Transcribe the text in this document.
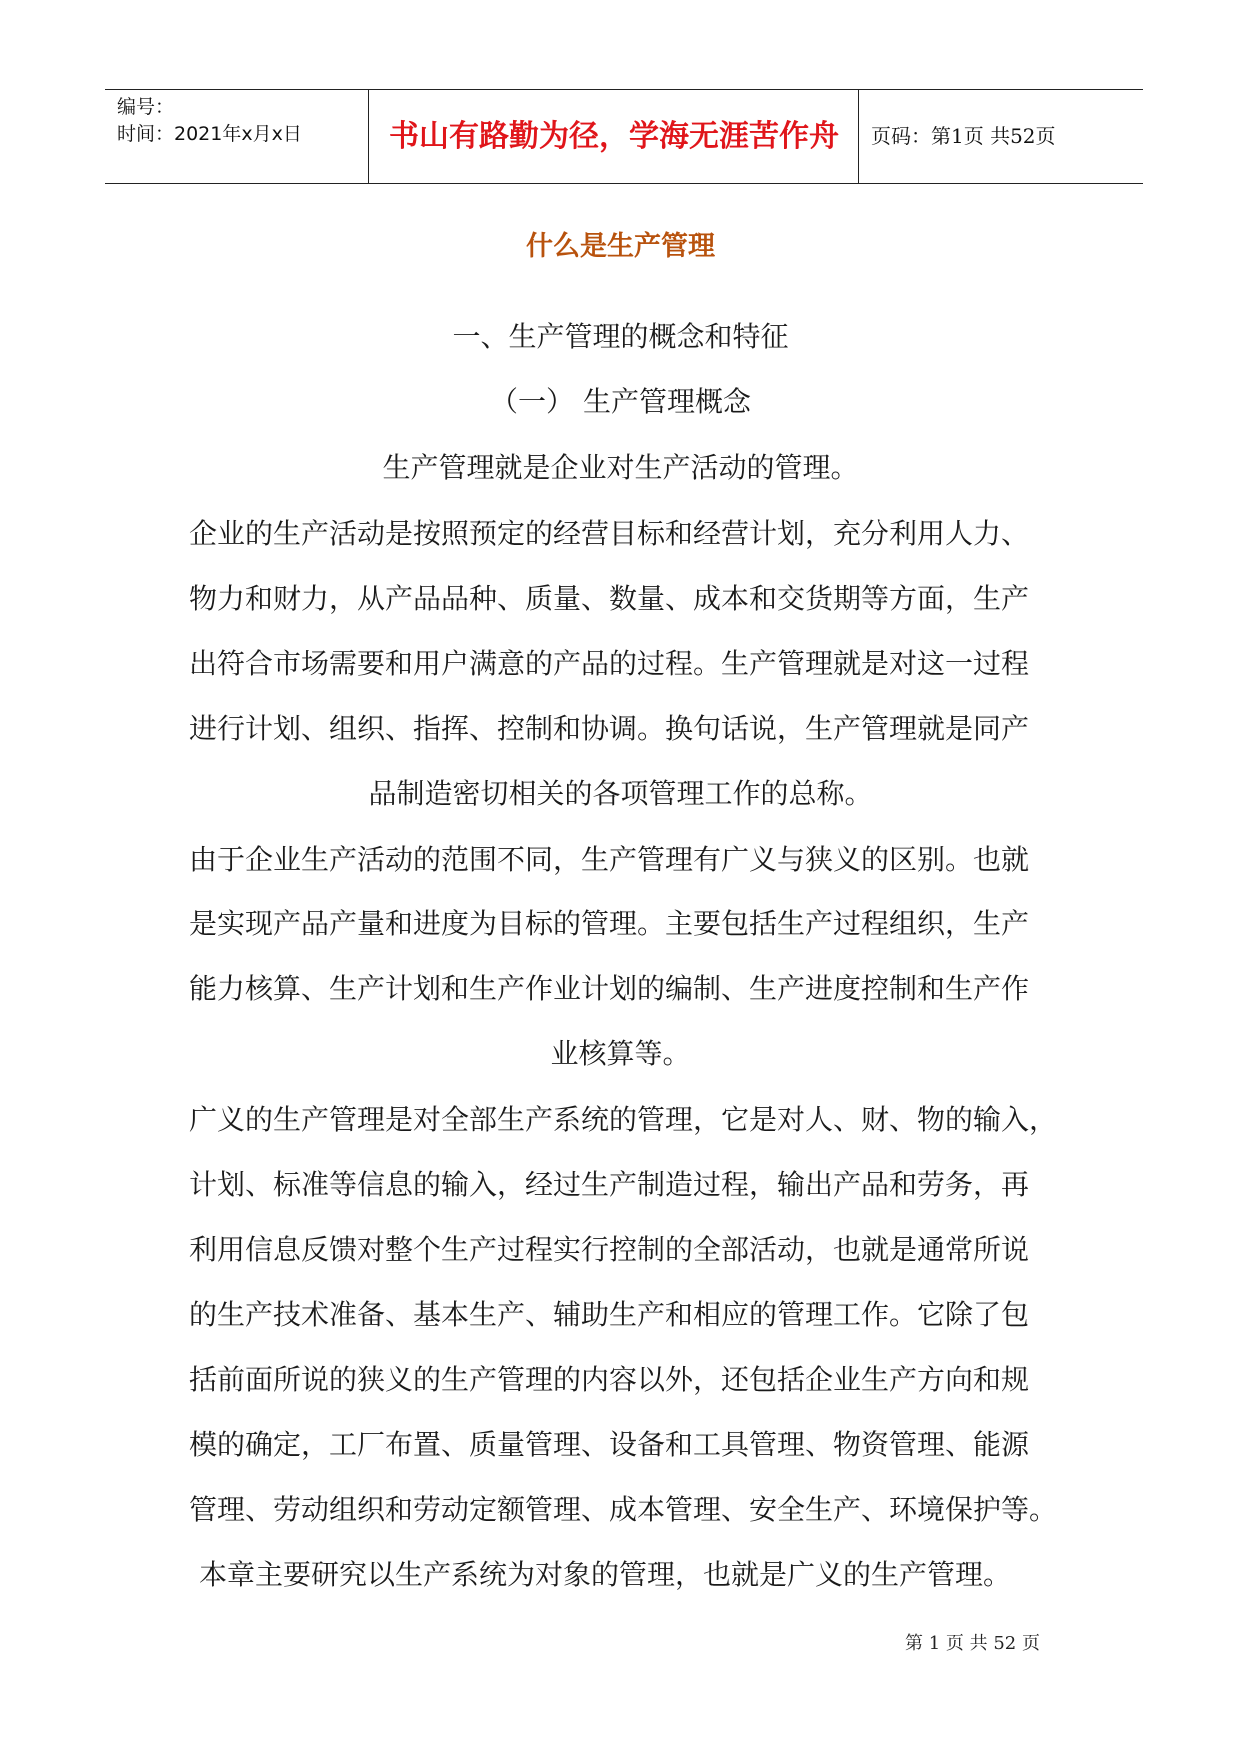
编号：
时间：2021年x月x日	书山有路勤为径，学海无涯苦作舟	页码：第1页 共52页
什么是生产管理
一、生产管理的概念和特征
（一） 生产管理概念
生产管理就是企业对生产活动的管理。
企业的生产活动是按照预定的经营目标和经营计划，充分利用人力、
物力和财力，从产品品种、质量、数量、成本和交货期等方面，生产
出符合市场需要和用户满意的产品的过程。生产管理就是对这一过程
进行计划、组织、指挥、控制和协调。换句话说，生产管理就是同产
品制造密切相关的各项管理工作的总称。
由于企业生产活动的范围不同，生产管理有广义与狭义的区别。也就
是实现产品产量和进度为目标的管理。主要包括生产过程组织，生产
能力核算、生产计划和生产作业计划的编制、生产进度控制和生产作
业核算等。
广义的生产管理是对全部生产系统的管理，它是对人、财、物的输入，
计划、标准等信息的输入，经过生产制造过程，输出产品和劳务，再
利用信息反馈对整个生产过程实行控制的全部活动，也就是通常所说
的生产技术准备、基本生产、辅助生产和相应的管理工作。它除了包
括前面所说的狭义的生产管理的内容以外，还包括企业生产方向和规
模的确定，工厂布置、质量管理、设备和工具管理、物资管理、能源
管理、劳动组织和劳动定额管理、成本管理、安全生产、环境保护等。
本章主要研究以生产系统为对象的管理，也就是广义的生产管理。
第 1 页 共 52 页
